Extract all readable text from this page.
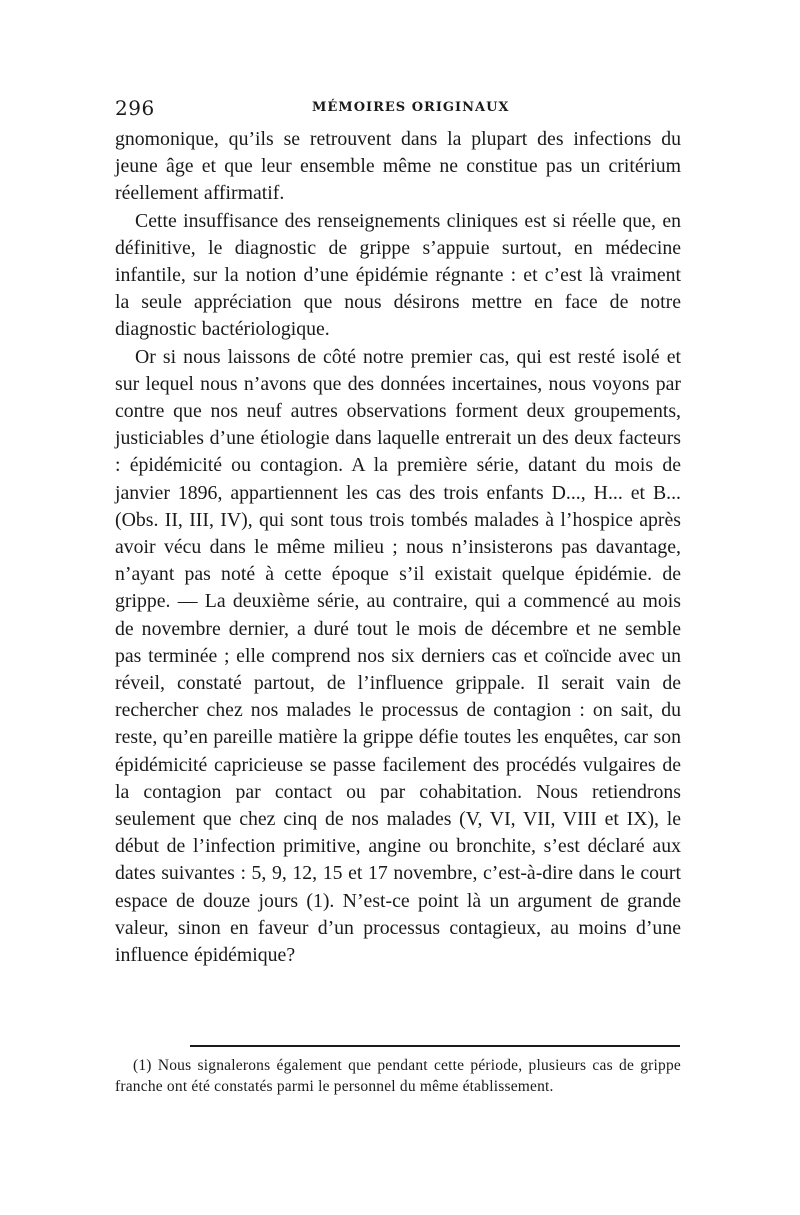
296	MÉMOIRES ORIGINAUX

gnomonique, qu’ils se retrouvent dans la plupart des infections du jeune âge et que leur ensemble même ne constitue pas un critérium réellement affirmatif.

Cette insuffisance des renseignements cliniques est si réelle que, en définitive, le diagnostic de grippe s’appuie surtout, en médecine infantile, sur la notion d’une épidémie régnante : et c’est là vraiment la seule appréciation que nous désirons mettre en face de notre diagnostic bactériologique.

Or si nous laissons de côté notre premier cas, qui est resté isolé et sur lequel nous n’avons que des données incertaines, nous voyons par contre que nos neuf autres observations forment deux groupements, justiciables d’une étiologie dans laquelle entrerait un des deux facteurs : épidémicité ou contagion. A la première série, datant du mois de janvier 1896, appartiennent les cas des trois enfants D..., H... et B... (Obs. II, III, IV), qui sont tous trois tombés malades à l’hospice après avoir vécu dans le même milieu ; nous n’insisterons pas davantage, n’ayant pas noté à cette époque s’il existait quelque épidémie. de grippe. — La deuxième série, au contraire, qui a commencé au mois de novembre dernier, a duré tout le mois de décembre et ne semble pas terminée ; elle comprend nos six derniers cas et coïncide avec un réveil, constaté partout, de l’influence grippale. Il serait vain de rechercher chez nos malades le processus de contagion : on sait, du reste, qu’en pareille matière la grippe défie toutes les enquêtes, car son épidémicité capricieuse se passe facilement des procédés vulgaires de la contagion par contact ou par cohabitation. Nous retiendrons seulement que chez cinq de nos malades (V, VI, VII, VIII et IX), le début de l’infection primitive, angine ou bronchite, s’est déclaré aux dates suivantes : 5, 9, 12, 15 et 17 novembre, c’est-à-dire dans le court espace de douze jours (1). N’est-ce point là un argument de grande valeur, sinon en faveur d’un processus contagieux, au moins d’une influence épidémique?

(1) Nous signalerons également que pendant cette période, plusieurs cas de grippe franche ont été constatés parmi le personnel du même établissement.
